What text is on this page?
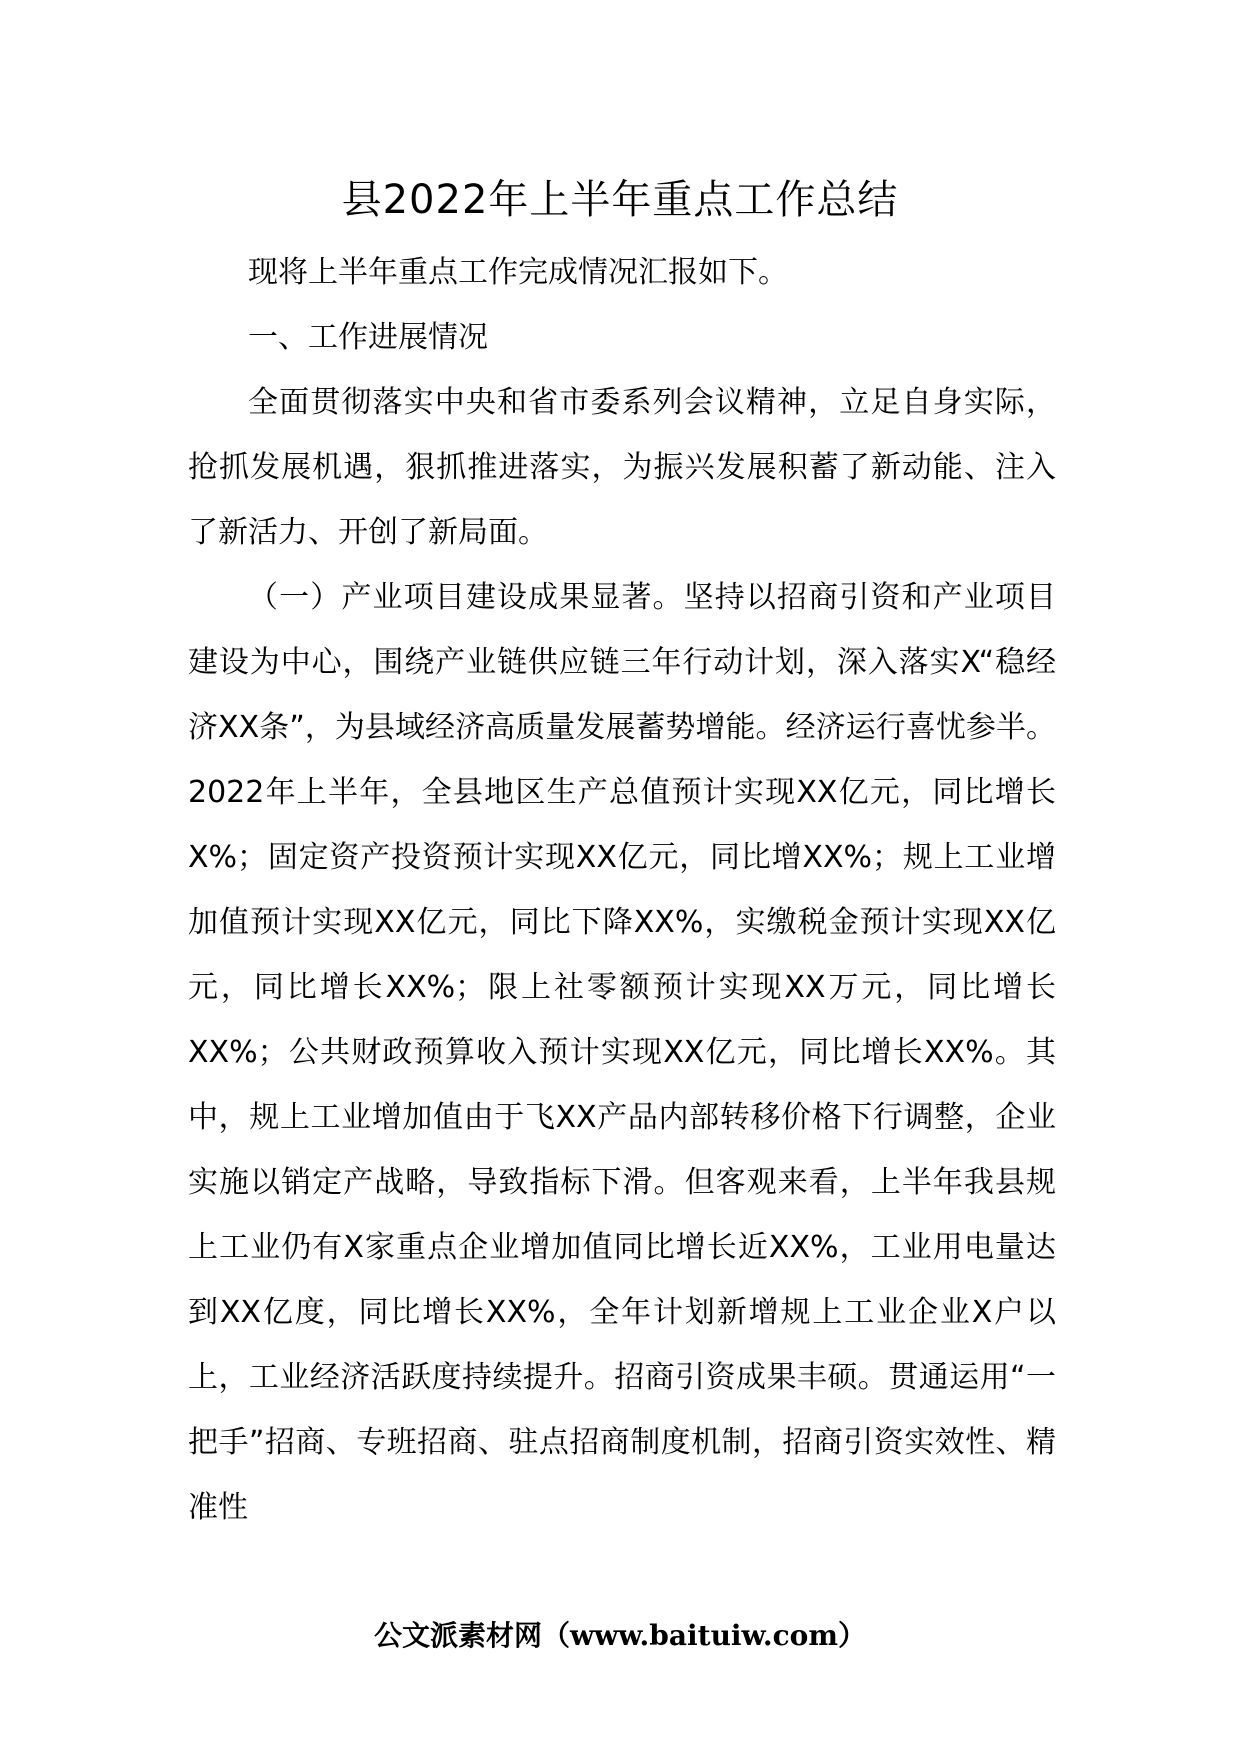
县2022年上半年重点工作总结

现将上半年重点工作完成情况汇报如下。

一、工作进展情况

全面贯彻落实中央和省市委系列会议精神，立足自身实际，抢抓发展机遇，狠抓推进落实，为振兴发展积蓄了新动能、注入了新活力、开创了新局面。

（一）产业项目建设成果显著。坚持以招商引资和产业项目建设为中心，围绕产业链供应链三年行动计划，深入落实X“稳经济XX条”，为县域经济高质量发展蓄势增能。经济运行喜忧参半。2022年上半年，全县地区生产总值预计实现XX亿元，同比增长X%；固定资产投资预计实现XX亿元，同比增XX%；规上工业增加值预计实现XX亿元，同比下降XX%，实缴税金预计实现XX亿元，同比增长XX%；限上社零额预计实现XX万元，同比增长XX%；公共财政预算收入预计实现XX亿元，同比增长XX%。其中，规上工业增加值由于飞XX产品内部转移价格下行调整，企业实施以销定产战略，导致指标下滑。但客观来看，上半年我县规上工业仍有X家重点企业增加值同比增长近XX%，工业用电量达到XX亿度，同比增长XX%，全年计划新增规上工业企业X户以上，工业经济活跃度持续提升。招商引资成果丰硕。贯通运用“一把手”招商、专班招商、驻点招商制度机制，招商引资实效性、精准性

公文派素材网（www.baituiw.com）
